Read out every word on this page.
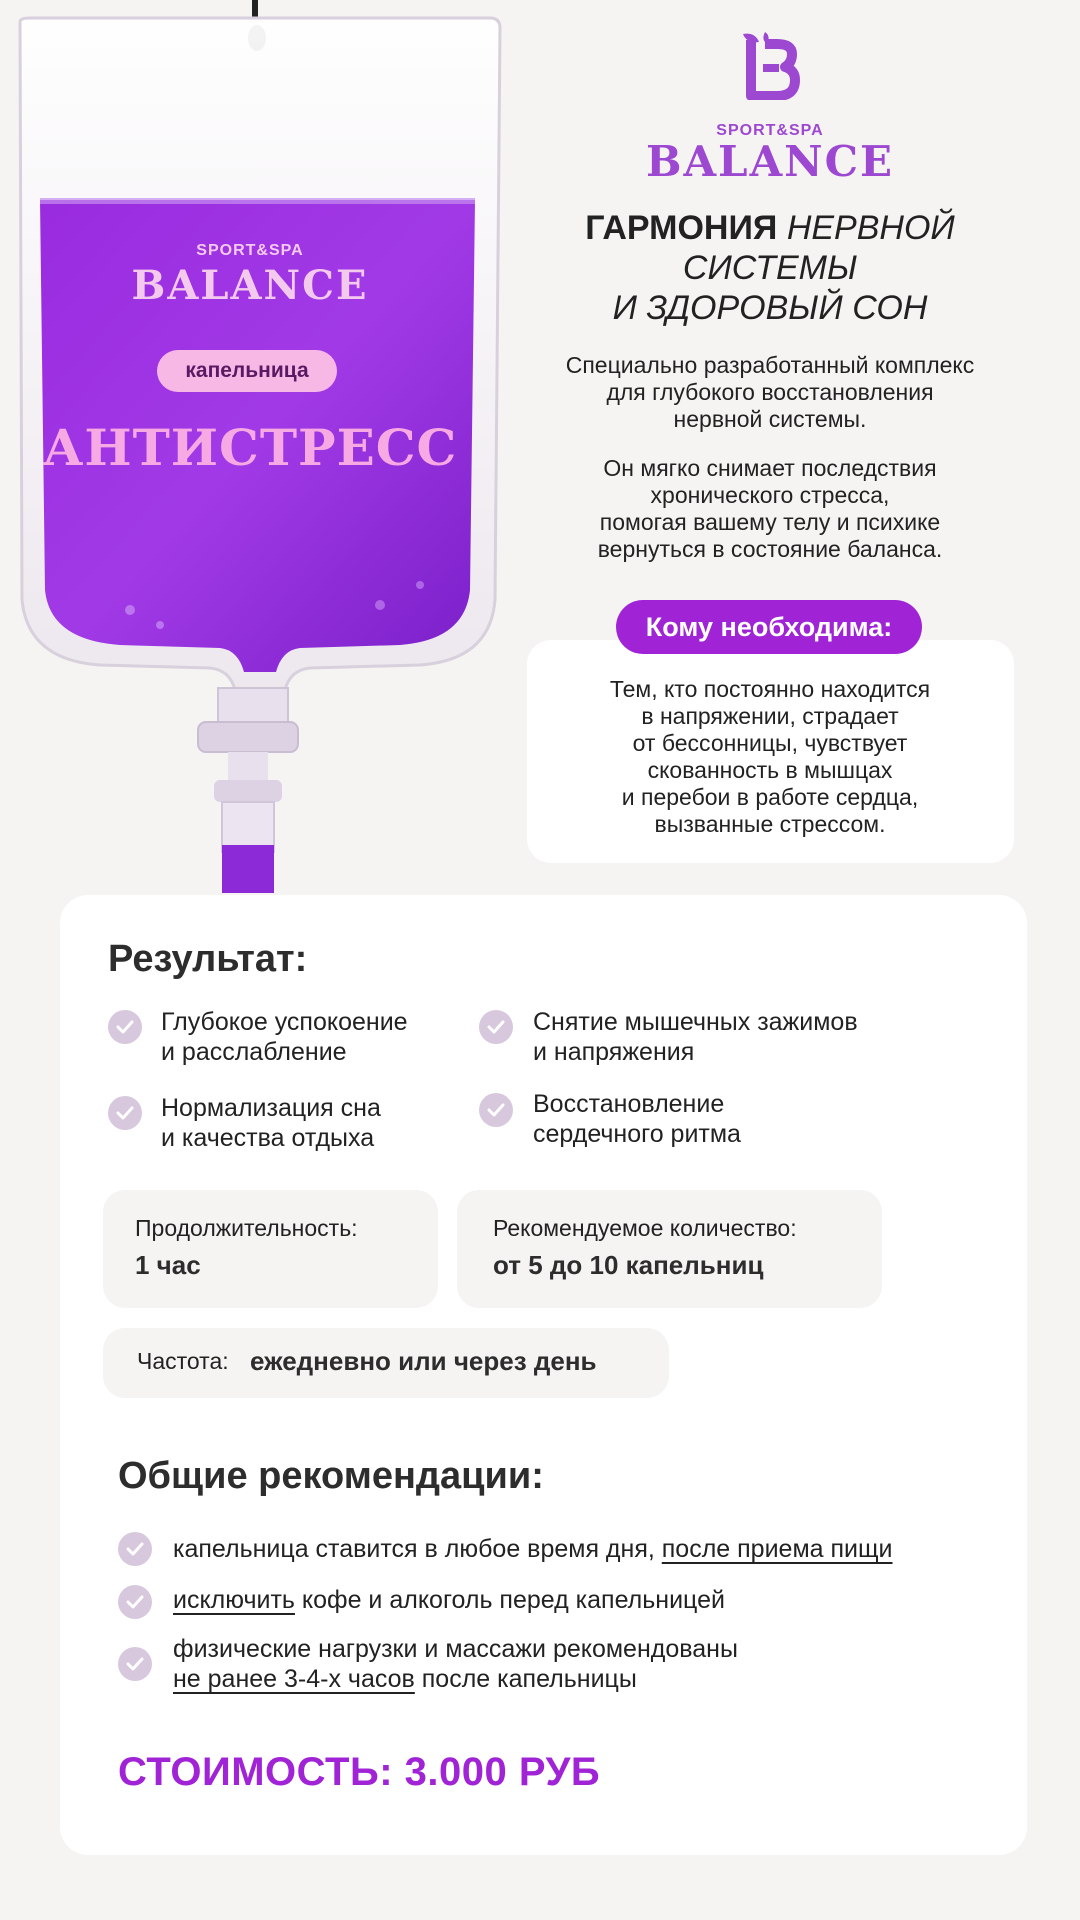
SPORT&SPA
BALANCE
капельница
АНТИСТРЕСС
SPORT&SPA
BALANCE
ГАРМОНИЯ НЕРВНОЙ
СИСТЕМЫ
И ЗДОРОВЫЙ СОН
Специально разработанный комплекс
для глубокого восстановления
нервной системы.
Он мягко снимает последствия
хронического стресса,
помогая вашему телу и психике
вернуться в состояние баланса.
Кому необходима:
Тем, кто постоянно находится
в напряжении, страдает
от бессонницы, чувствует
скованность в мышцах
и перебои в работе сердца,
вызванные стрессом.
Результат:
Глубокое успокоение
и расслабление
Снятие мышечных зажимов
и напряжения
Нормализация сна
и качества отдыха
Восстановление
сердечного ритма
Продолжительность:
1 час
Рекомендуемое количество:
от 5 до 10 капельниц
Частота: ежедневно или через день
Общие рекомендации:
капельница ставится в любое время дня, после приема пищи
исключить кофе и алкоголь перед капельницей
физические нагрузки и массажи рекомендованы
не ранее 3-4-х часов после капельницы
СТОИМОСТЬ: 3.000 РУБ
